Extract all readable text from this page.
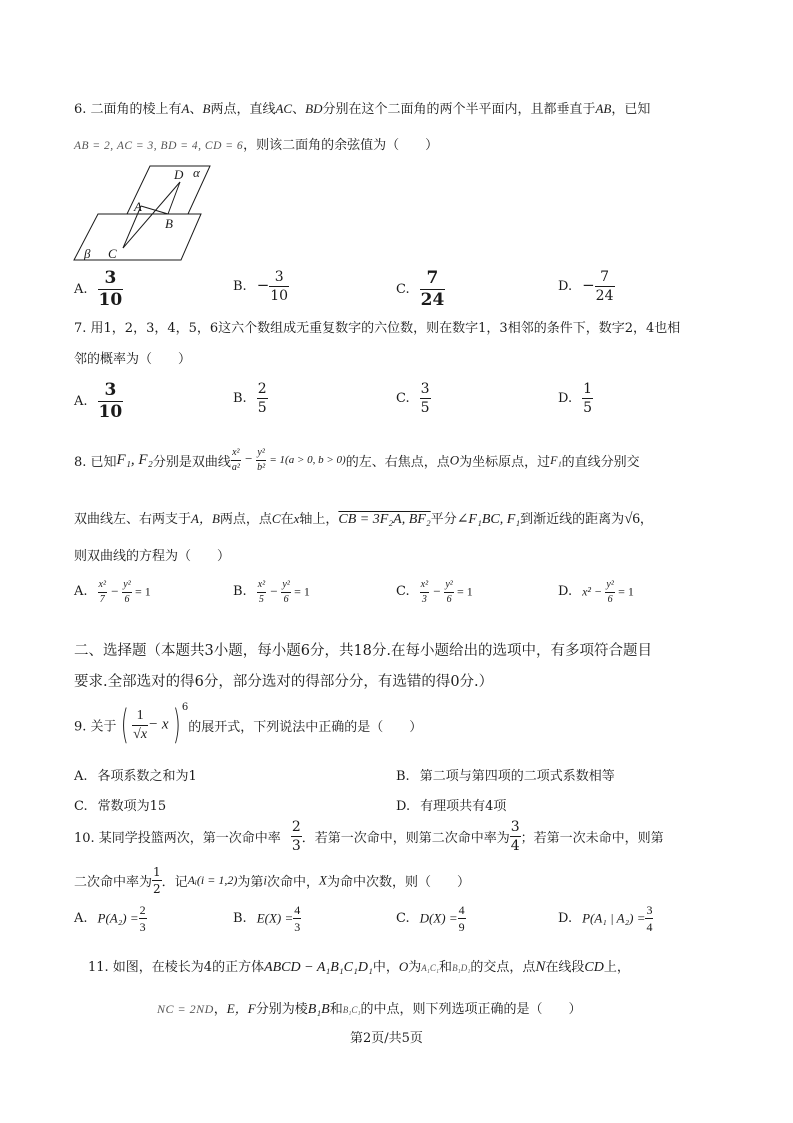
6. 二面角的棱上有A、B两点，直线AC、BD分别在这个二面角的两个半平面内，且都垂直于AB，已知
AB = 2, AC = 3, BD = 4, CD = 6，则该二面角的余弦值为（　　）
α
D
A
B
β C
A. $\frac{3}{10}$	B. − $\frac{3}{10}$	C. $\frac{7}{24}$	D. − $\frac{7}{24}$
7. 用1，2，3，4，5，6这六个数组成无重复数字的六位数，则在数字1，3相邻的条件下，数字2，4也相
邻的概率为（　　）
A. $\frac{3}{10}$	B. $\frac{2}{5}$	C. $\frac{3}{5}$	D. $\frac{1}{5}$
8. 已知F₁, F₂分别是双曲线 $\frac{\text{x²}}{\text{a²}} - \frac{\text{y²}}{\text{b²}} = 1(a > 0$, b > 0)的左、右焦点，点O为坐标原点，过F₁的直线分别交
双曲线左、右两支于A，B两点，点C在x轴上，CB = 3F₂A, BF₂平分∠F₁BC, F₁到渐近线的距离为√6，
则双曲线的方程为（　　）
A. $\frac{\text{x²}}{7} - \frac{\text{y²}}{6} = 1$	B. $\frac{\text{x²}}{5} - \frac{\text{y²}}{6} = 1$	C. $\frac{\text{x²}}{3} - \frac{\text{y²}}{6} = 1$	D. $x^2 - \frac{\text{y²}}{6} = 1$
二、选择题（本题共3小题，每小题6分，共18分.在每小题给出的选项中，有多项符合题目
要求.全部选对的得6分，部分选对的得部分分，有选错的得0分.）
9. 关于( $\frac{1}{√x} - x$) 6
的展开式，下列说法中正确的是（　　）
A. 各项系数之和为1	B. 第二项与第四项的二项式系数相等
C. 常数项为15	D. 有理项共有4项
10. 某同学投篮两次，第一次命中率 $\frac{2}{3}$ ．若第一次命中，则第二次命中率为 $\frac{3}{4}$ ；若第一次未命中，则第
二次命中率为 $\frac{1}{2}$ ．记Aᵢ(i = 1,2)为第i次命中，X为命中次数，则（　　）
A. $P(A_2) = \frac{2}{3}$	B. $E(X) = \frac{4}{3}$	C. $D(X) = \frac{4}{9}$	D. P(A₁ | $A_2) = \frac{3}{4}$
11. 如图，在棱长为4的正方体ABCD − A₁B₁C₁D₁中，O为A₁C₁和B₁D₁的交点，点N在线段CD上，
NC = 2ND，E，F分别为棱B₁B和B₁C₁的中点，则下列选项正确的是（　　）
第2页/共5页
